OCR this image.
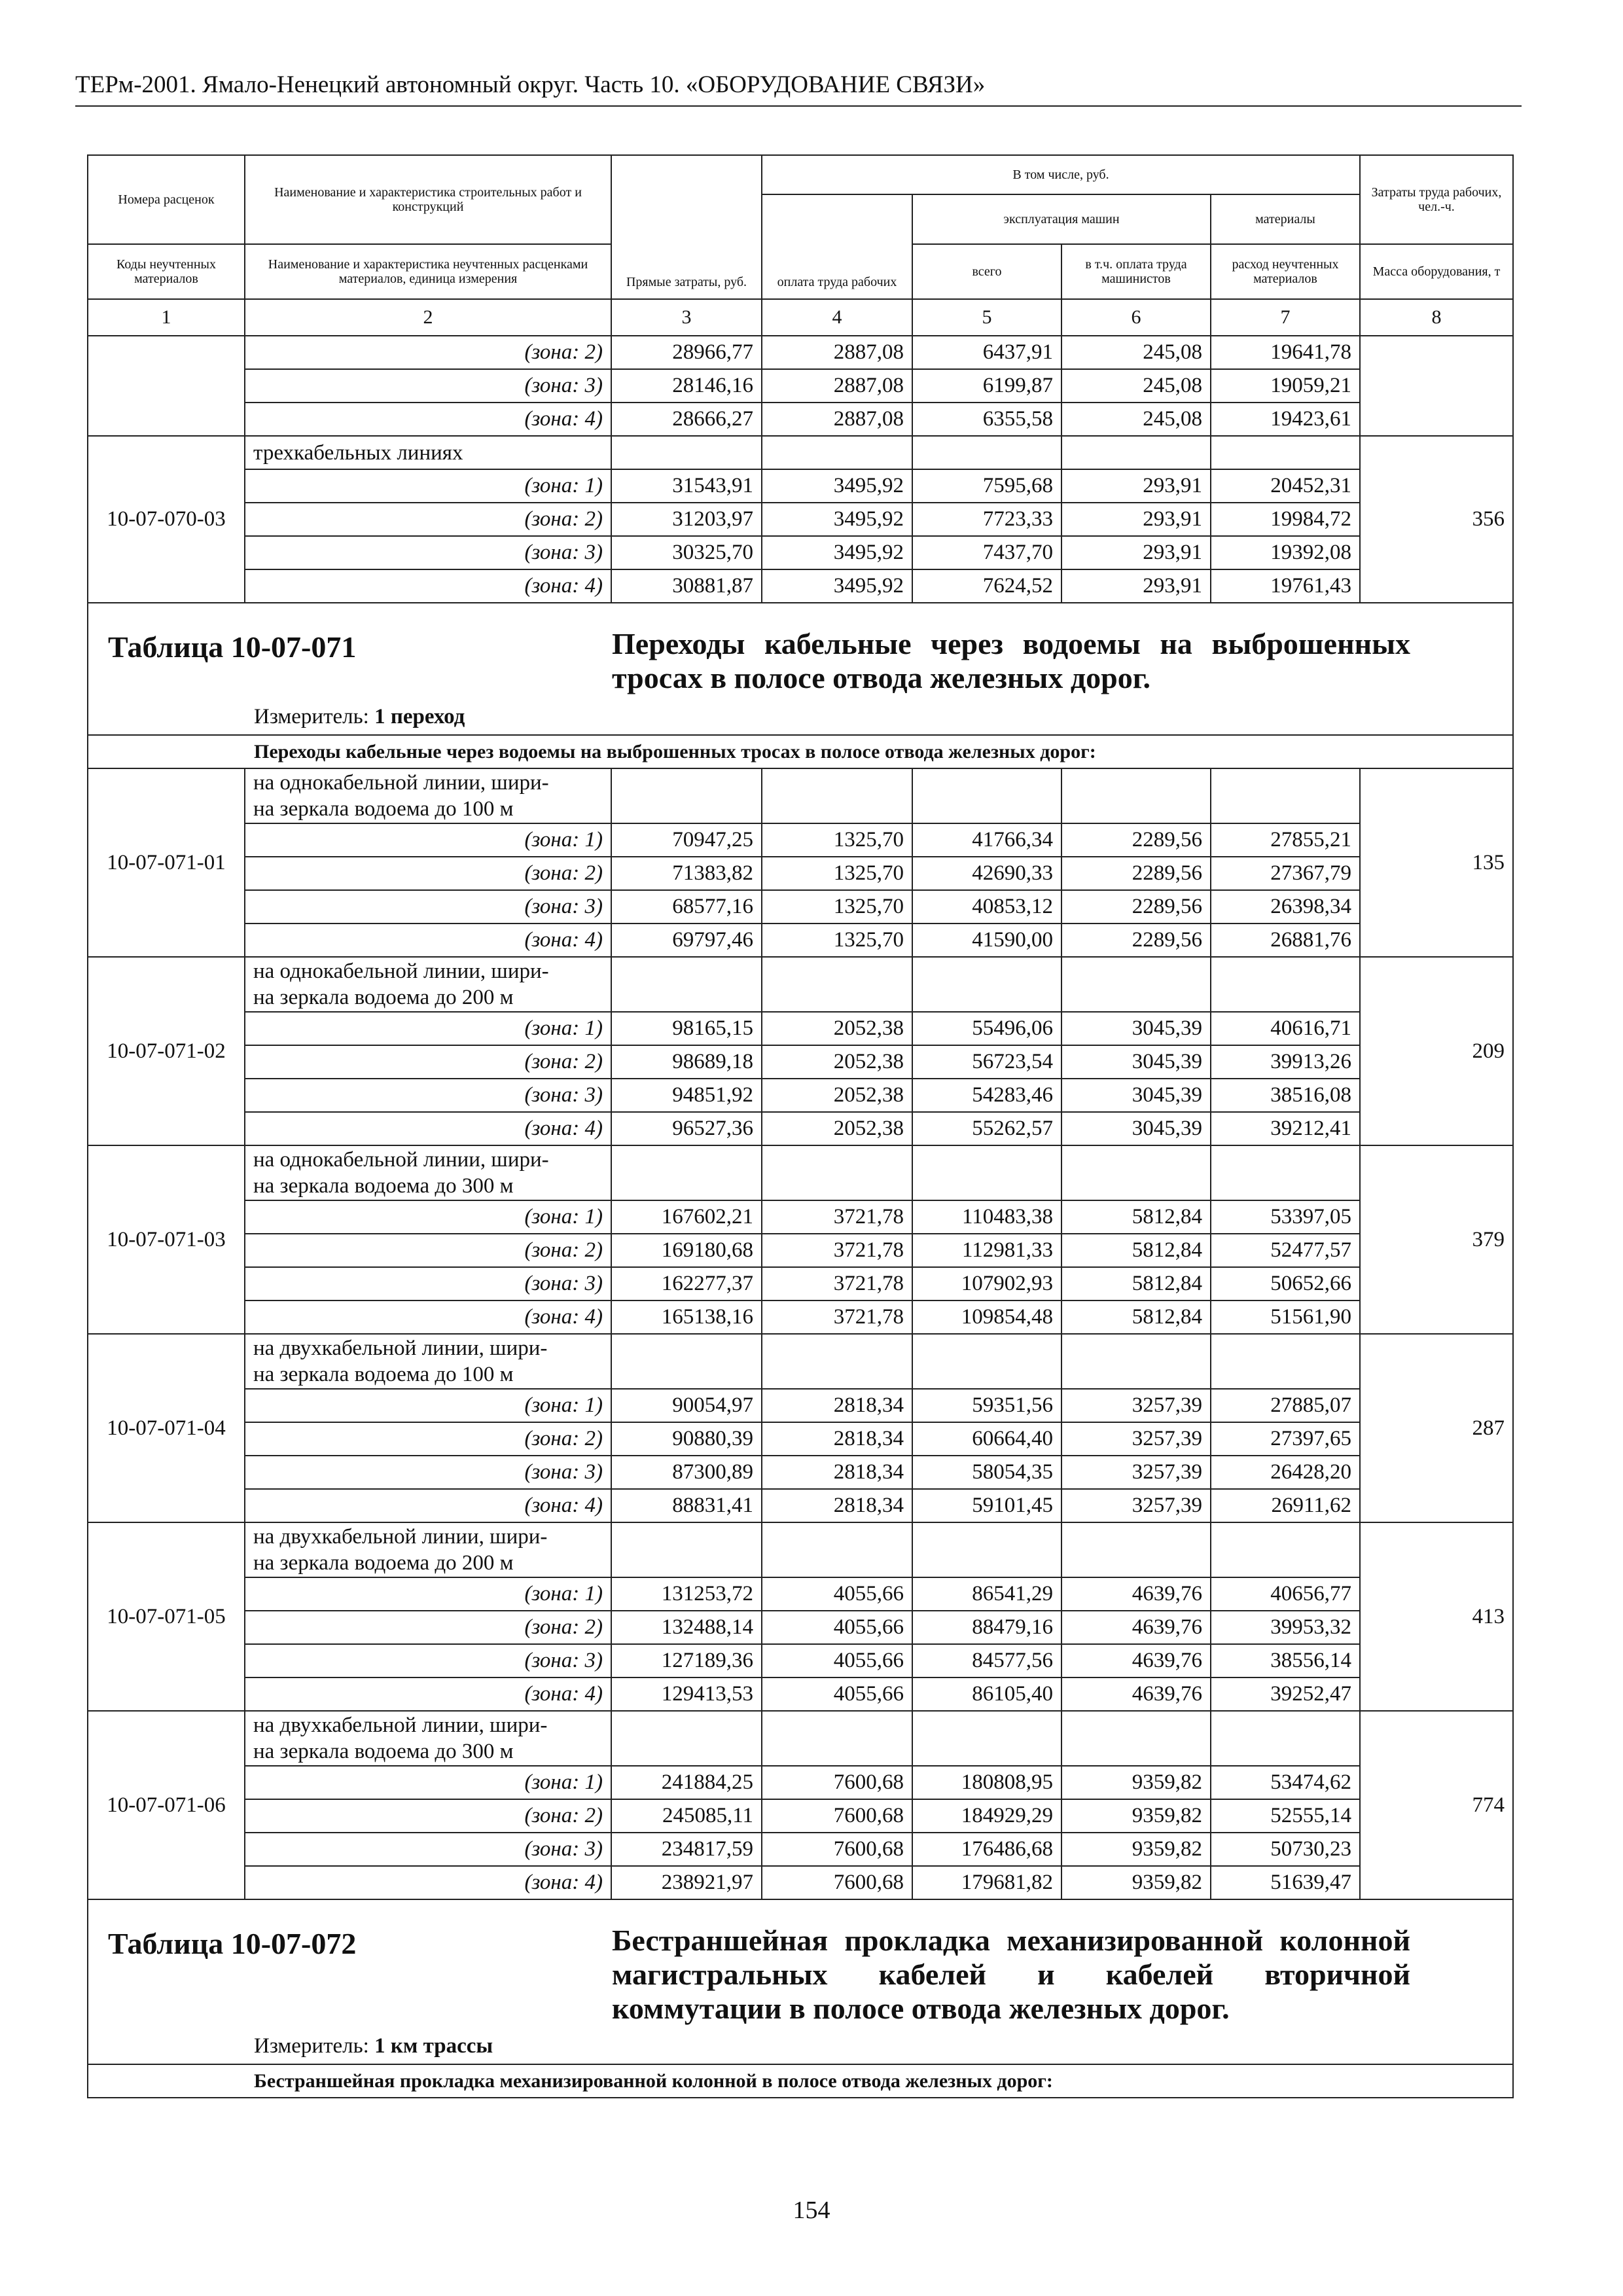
ТЕРм-2001. Ямало-Ненецкий автономный округ. Часть 10. «ОБОРУДОВАНИЕ СВЯЗИ»
Номера расценок	Наименование и характеристика строительных работ и конструкций	Прямые затраты, руб.	В том числе, руб.				Затраты труда рабочих, чел.-ч.
			оплата труда рабочих	эксплуатация машин		материалы	

Коды неучтенных материалов	Наименование и характеристика неучтенных расценками материалов, единица измерения			всего	в т.ч. оплата труда машинистов	расход неучтенных материалов	Масса оборудования, т

1	2	3	4	5	6	7	8
	(зона: 2)	28966,77	2887,08	6437,91	245,08	19641,78	
	(зона: 3)	28146,16	2887,08	6199,87	245,08	19059,21	
	(зона: 4)	28666,27	2887,08	6355,58	245,08	19423,61	
10-07-070-03	трехкабельных линиях						356
	(зона: 1)	31543,91	3495,92	7595,68	293,91	20452,31	
	(зона: 2)	31203,97	3495,92	7723,33	293,91	19984,72	
	(зона: 3)	30325,70	3495,92	7437,70	293,91	19392,08	
	(зона: 4)	30881,87	3495,92	7624,52	293,91	19761,43	

Таблица 10-07-071 Переходы кабельные через водоемы на выброшенных тросах в полосе отвода железных дорог.
Измеритель: 1 переход							

Переходы кабельные через водоемы на выброшенных тросах в полосе отвода железных дорог:							
10-07-071-01	на однокабельной линии, шири-
на зеркала водоема до 100 м						135
	(зона: 1)	70947,25	1325,70	41766,34	2289,56	27855,21	
	(зона: 2)	71383,82	1325,70	42690,33	2289,56	27367,79	
	(зона: 3)	68577,16	1325,70	40853,12	2289,56	26398,34	
	(зона: 4)	69797,46	1325,70	41590,00	2289,56	26881,76	
10-07-071-02	на однокабельной линии, шири-
на зеркала водоема до 200 м						209
	(зона: 1)	98165,15	2052,38	55496,06	3045,39	40616,71	
	(зона: 2)	98689,18	2052,38	56723,54	3045,39	39913,26	
	(зона: 3)	94851,92	2052,38	54283,46	3045,39	38516,08	
	(зона: 4)	96527,36	2052,38	55262,57	3045,39	39212,41	
10-07-071-03	на однокабельной линии, шири-
на зеркала водоема до 300 м						379
	(зона: 1)	167602,21	3721,78	110483,38	5812,84	53397,05	
	(зона: 2)	169180,68	3721,78	112981,33	5812,84	52477,57	
	(зона: 3)	162277,37	3721,78	107902,93	5812,84	50652,66	
	(зона: 4)	165138,16	3721,78	109854,48	5812,84	51561,90	
10-07-071-04	на двухкабельной линии, шири-
на зеркала водоема до 100 м						287
	(зона: 1)	90054,97	2818,34	59351,56	3257,39	27885,07	
	(зона: 2)	90880,39	2818,34	60664,40	3257,39	27397,65	
	(зона: 3)	87300,89	2818,34	58054,35	3257,39	26428,20	
	(зона: 4)	88831,41	2818,34	59101,45	3257,39	26911,62	
10-07-071-05	на двухкабельной линии, шири-
на зеркала водоема до 200 м						413
	(зона: 1)	131253,72	4055,66	86541,29	4639,76	40656,77	
	(зона: 2)	132488,14	4055,66	88479,16	4639,76	39953,32	
	(зона: 3)	127189,36	4055,66	84577,56	4639,76	38556,14	
	(зона: 4)	129413,53	4055,66	86105,40	4639,76	39252,47	
10-07-071-06	на двухкабельной линии, шири-
на зеркала водоема до 300 м						774
	(зона: 1)	241884,25	7600,68	180808,95	9359,82	53474,62	
	(зона: 2)	245085,11	7600,68	184929,29	9359,82	52555,14	
	(зона: 3)	234817,59	7600,68	176486,68	9359,82	50730,23	
	(зона: 4)	238921,97	7600,68	179681,82	9359,82	51639,47	

Таблица 10-07-072 Бестраншейная прокладка механизированной колонной магистральных кабелей и кабелей вторичной коммутации в полосе отвода железных дорог.
Измеритель: 1 км трассы							

Бестраншейная прокладка механизированной колонной в полосе отвода железных дорог:							
154
